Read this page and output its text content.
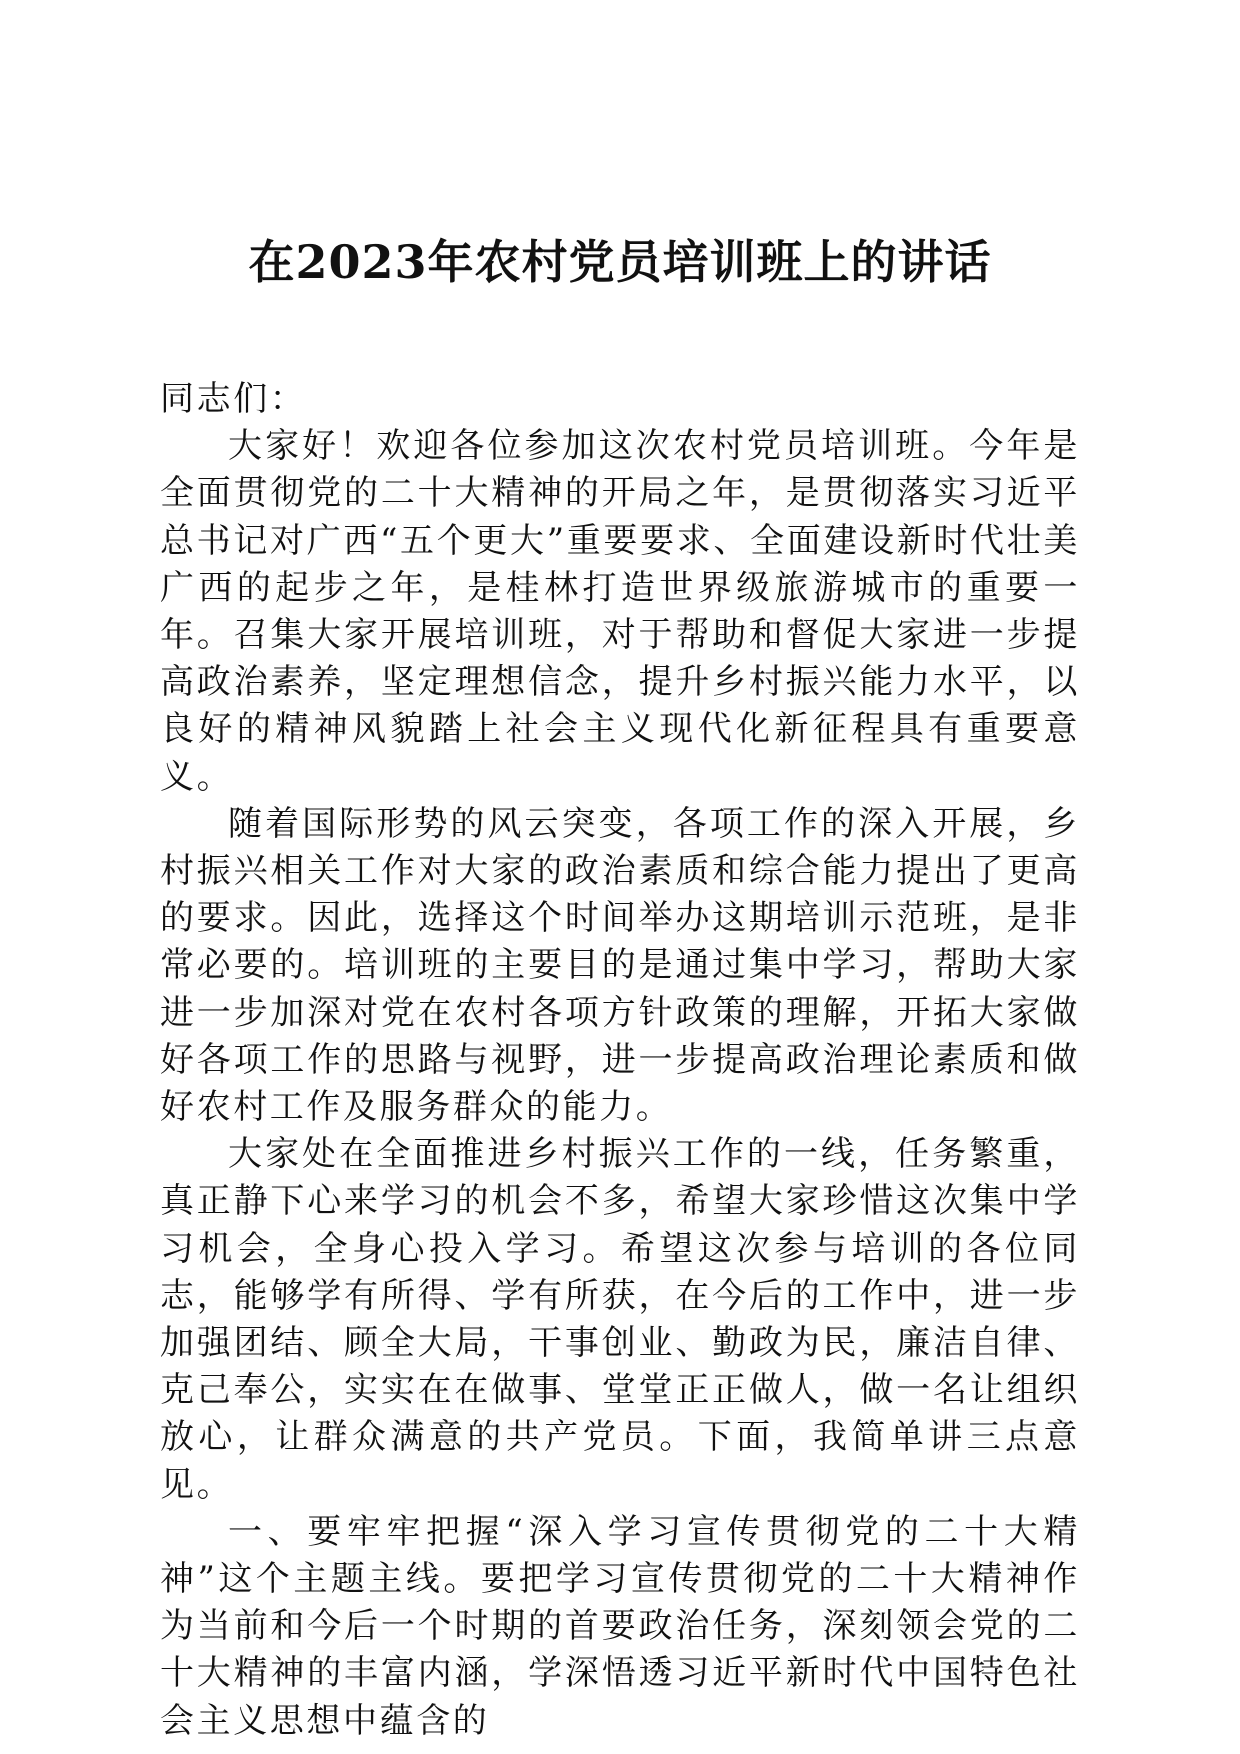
在2023年农村党员培训班上的讲话

同志们：

大家好！欢迎各位参加这次农村党员培训班。今年是全面贯彻党的二十大精神的开局之年，是贯彻落实习近平总书记对广西“五个更大”重要要求、全面建设新时代壮美广西的起步之年，是桂林打造世界级旅游城市的重要一年。召集大家开展培训班，对于帮助和督促大家进一步提高政治素养，坚定理想信念，提升乡村振兴能力水平，以良好的精神风貌踏上社会主义现代化新征程具有重要意义。

随着国际形势的风云突变，各项工作的深入开展，乡村振兴相关工作对大家的政治素质和综合能力提出了更高的要求。因此，选择这个时间举办这期培训示范班，是非常必要的。培训班的主要目的是通过集中学习，帮助大家进一步加深对党在农村各项方针政策的理解，开拓大家做好各项工作的思路与视野，进一步提高政治理论素质和做好农村工作及服务群众的能力。

大家处在全面推进乡村振兴工作的一线，任务繁重，真正静下心来学习的机会不多，希望大家珍惜这次集中学习机会，全身心投入学习。希望这次参与培训的各位同志，能够学有所得、学有所获，在今后的工作中，进一步加强团结、顾全大局，干事创业、勤政为民，廉洁自律、克己奉公，实实在在做事、堂堂正正做人，做一名让组织放心，让群众满意的共产党员。下面，我简单讲三点意见。

一、要牢牢把握“深入学习宣传贯彻党的二十大精神”这个主题主线。要把学习宣传贯彻党的二十大精神作为当前和今后一个时期的首要政治任务，深刻领会党的二十大精神的丰富内涵，学深悟透习近平新时代中国特色社会主义思想中蕴含的
